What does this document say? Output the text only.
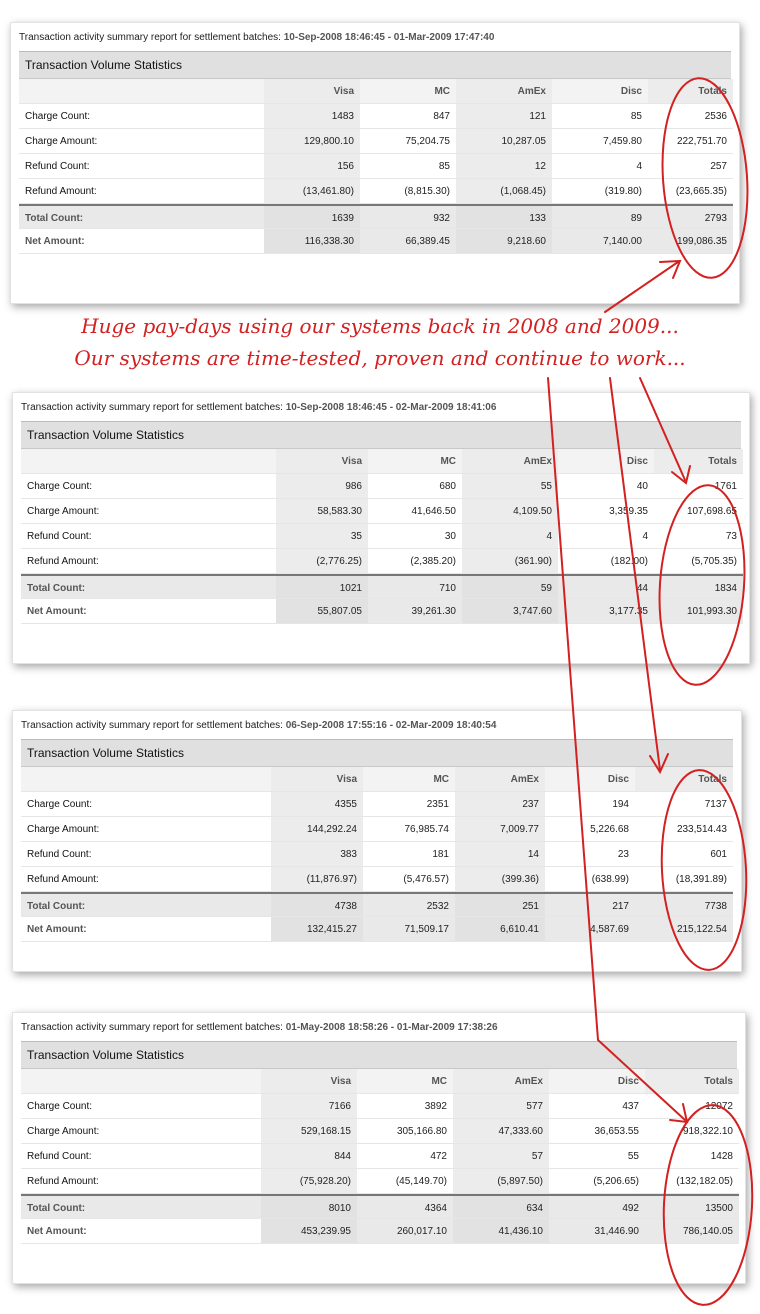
Transaction activity summary report for settlement batches: 10-Sep-2008 18:46:45 - 01-Mar-2009 17:47:40
Transaction Volume Statistics
Visa	MC	AmEx	Disc	Totals
Charge Count:	1483	847	121	85	2536
Charge Amount:	129,800.10	75,204.75	10,287.05	7,459.80	222,751.70
Refund Count:	156	85	12	4	257
Refund Amount:	(13,461.80)	(8,815.30)	(1,068.45)	(319.80)	(23,665.35)
Total Count:	1639	932	133	89	2793
Net Amount:	116,338.30	66,389.45	9,218.60	7,140.00	199,086.35
Huge pay-days using our systems back in 2008 and 2009...
Our systems are time-tested, proven and continue to work...
Transaction activity summary report for settlement batches: 10-Sep-2008 18:46:45 - 02-Mar-2009 18:41:06
Transaction Volume Statistics
Visa	MC	AmEx	Disc	Totals
Charge Count:	986	680	55	40	1761
Charge Amount:	58,583.30	41,646.50	4,109.50	3,359.35	107,698.65
Refund Count:	35	30	4	4	73
Refund Amount:	(2,776.25)	(2,385.20)	(361.90)	(182.00)	(5,705.35)
Total Count:	1021	710	59	44	1834
Net Amount:	55,807.05	39,261.30	3,747.60	3,177.35	101,993.30
Transaction activity summary report for settlement batches: 06-Sep-2008 17:55:16 - 02-Mar-2009 18:40:54
Transaction Volume Statistics
Visa	MC	AmEx	Disc	Totals
Charge Count:	4355	2351	237	194	7137
Charge Amount:	144,292.24	76,985.74	7,009.77	5,226.68	233,514.43
Refund Count:	383	181	14	23	601
Refund Amount:	(11,876.97)	(5,476.57)	(399.36)	(638.99)	(18,391.89)
Total Count:	4738	2532	251	217	7738
Net Amount:	132,415.27	71,509.17	6,610.41	4,587.69	215,122.54
Transaction activity summary report for settlement batches: 01-May-2008 18:58:26 - 01-Mar-2009 17:38:26
Transaction Volume Statistics
Visa	MC	AmEx	Disc	Totals
Charge Count:	7166	3892	577	437	12072
Charge Amount:	529,168.15	305,166.80	47,333.60	36,653.55	918,322.10
Refund Count:	844	472	57	55	1428
Refund Amount:	(75,928.20)	(45,149.70)	(5,897.50)	(5,206.65)	(132,182.05)
Total Count:	8010	4364	634	492	13500
Net Amount:	453,239.95	260,017.10	41,436.10	31,446.90	786,140.05
